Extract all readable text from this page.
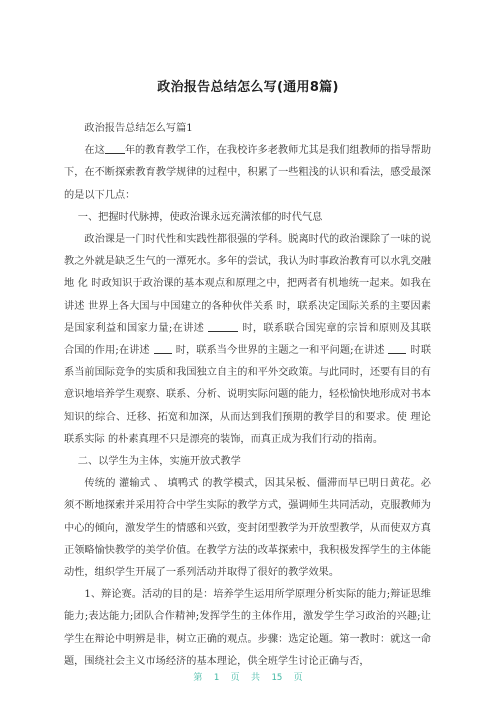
政治报告总结怎么写(通用8篇)

政治报告总结怎么写篇1

在这 年的教育教学工作，在我校许多老教师尤其是我们组教师的指导帮助下，在不断探索教育教学规律的过程中，积累了一些粗浅的认识和看法，感受最深的是以下几点：

一、把握时代脉搏，使政治课永远充满浓郁的时代气息

政治课是一门时代性和实践性都很强的学科。脱离时代的政治课除了一味的说教之外就是缺乏生气的一潭死水。多年的尝试，我认为时事政治教育可以水乳交融地 化 时政知识于政治课的基本观点和原理之中，把两者有机地统一起来。如我在讲述 世界上各大国与中国建立的各种伙伴关系 时，联系决定国际关系的主要因素是国家利益和国家力量;在讲述	时，联系联合国宪章的宗旨和原则及其联合国的作用;在讲述	时，联系当今世界的主题之一和平问题;在讲述	时联系当前国际竞争的实质和我国独立自主的和平外交政策。与此同时，还要有目的有意识地培养学生观察、联系、分析、说明实际问题的能力，轻松愉快地形成对书本知识的综合、迁移、拓宽和加深，从而达到我们预期的教学目的和要求。使 理论联系实际 的朴素真理不只是漂亮的装饰，而真正成为我们行动的指南。

二、以学生为主体，实施开放式教学

传统的 灌输式 、 填鸭式 的教学模式，因其呆板、僵滞而早已明日黄花。必须不断地探索并采用符合中学生实际的教学方式，强调师生共同活动，克服教师为中心的倾向，激发学生的情感和兴致，变封闭型教学为开放型教学，从而使双方真正领略愉快教学的美学价值。在教学方法的改革探索中，我积极发挥学生的主体能动性，组织学生开展了一系列活动并取得了很好的教学效果。

1、辩论赛。活动的目的是：培养学生运用所学原理分析实际的能力;辩证思维能力;表达能力;团队合作精神;发挥学生的主体作用，激发学生学习政治的兴趣;让学生在辩论中明辨是非，树立正确的观点。步骤：选定论题。第一教时：就这一命题，围绕社会主义市场经济的基本理论，供全班学生讨论正确与否，

第 1 页 共 15 页
